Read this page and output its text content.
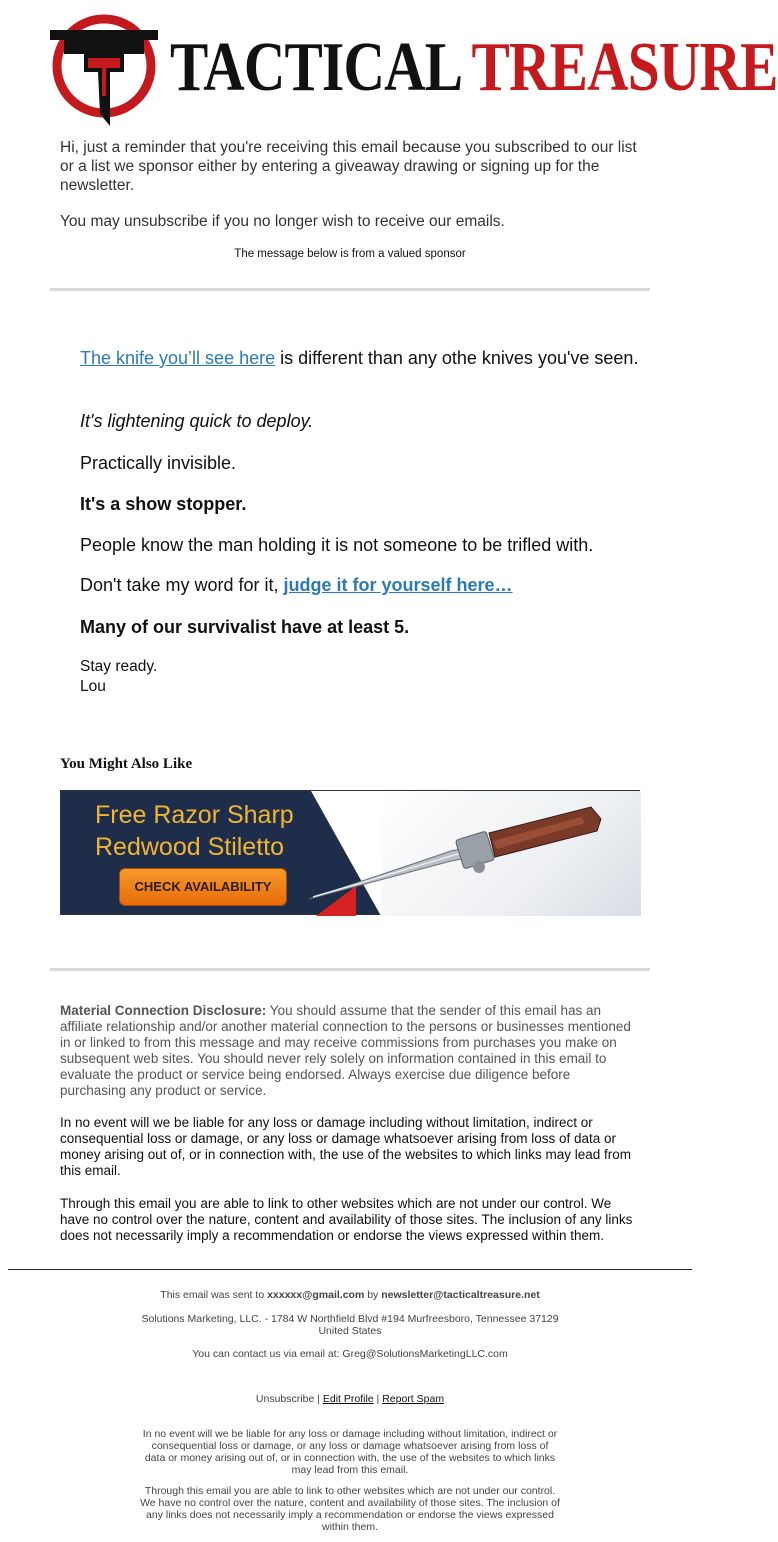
TACTICAL TREASURE
Hi, just a reminder that you're receiving this email because you subscribed to our list or a list we sponsor either by entering a giveaway drawing or signing up for the newsletter.
You may unsubscribe if you no longer wish to receive our emails.
The message below is from a valued sponsor
The knife you’ll see here is different than any othe knives you've seen.
It's lightening quick to deploy.
Practically invisible.
It's a show stopper.
People know the man holding it is not someone to be trifled with.
Don't take my word for it, judge it for yourself here…
Many of our survivalist have at least 5.
Stay ready.
Lou
You Might Also Like
Free Razor Sharp
Redwood Stiletto
CHECK AVAILABILITY
Material Connection Disclosure: You should assume that the sender of this email has an affiliate relationship and/or another material connection to the persons or businesses mentioned in or linked to from this message and may receive commissions from purchases you make on subsequent web sites. You should never rely solely on information contained in this email to evaluate the product or service being endorsed. Always exercise due diligence before purchasing any product or service.
In no event will we be liable for any loss or damage including without limitation, indirect or consequential loss or damage, or any loss or damage whatsoever arising from loss of data or money arising out of, or in connection with, the use of the websites to which links may lead from this email.
Through this email you are able to link to other websites which are not under our control. We have no control over the nature, content and availability of those sites. The inclusion of any links does not necessarily imply a recommendation or endorse the views expressed within them.
This email was sent to xxxxxx@gmail.com by newsletter@tacticaltreasure.net
Solutions Marketing, LLC. - 1784 W Northfield Blvd #194 Murfreesboro, Tennessee 37129 United States
You can contact us via email at: Greg@SolutionsMarketingLLC.com
Unsubscribe | Edit Profile | Report Spam
In no event will we be liable for any loss or damage including without limitation, indirect or consequential loss or damage, or any loss or damage whatsoever arising from loss of data or money arising out of, or in connection with, the use of the websites to which links may lead from this email.
Through this email you are able to link to other websites which are not under our control. We have no control over the nature, content and availability of those sites. The inclusion of any links does not necessarily imply a recommendation or endorse the views expressed within them.
